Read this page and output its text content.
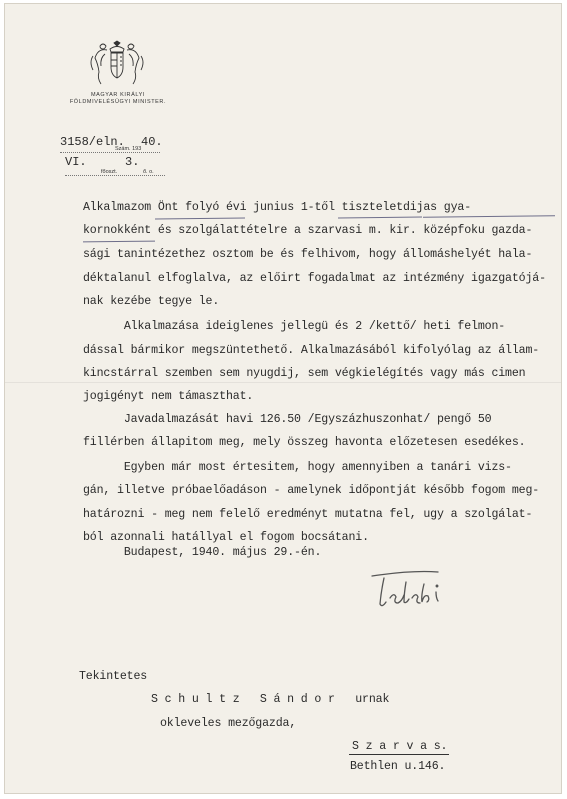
MAGYAR KIRÁLYI
FÖLDMIVELÉSÜGYI MINISTER.
3158/eln. 40.
Szám. 193
VI.	3.
főoszt.	ő. o.
Alkalmazom Önt folyó évi junius 1-től tiszteletdijas gya-
kornokként és szolgálattételre a szarvasi m. kir. középfoku gazda-
sági tanintézethez osztom be és felhivom, hogy állomáshelyét hala-
déktalanul elfoglalva, az előirt fogadalmat az intézmény igazgatójá-
nak kezébe tegye le.
Alkalmazása ideiglenes jellegü és 2 /kettő/ heti felmon-
dással bármikor megszüntethető. Alkalmazásából kifolyólag az állam-
kincstárral szemben sem nyugdij, sem végkielégítés vagy más cimen
jogigényt nem támaszthat.
Javadalmazását havi 126.50 /Egyszázhuszonhat/ pengő 50
fillérben állapitom meg, mely összeg havonta előzetesen esedékes.
Egyben már most értesitem, hogy amennyiben a tanári vizs-
gán, illetve próbaelőadáson - amelynek időpontját később fogom meg-
határozni - meg nem felelő eredményt mutatna fel, ugy a szolgálat-
ból azonnali hatállyal el fogom bocsátani.
Budapest, 1940. május 29.-én.
Tekintetes
S c h u l t z   S á n d o r   urnak
okleveles mezőgazda,
S z a r v a s.
Bethlen u.146.
